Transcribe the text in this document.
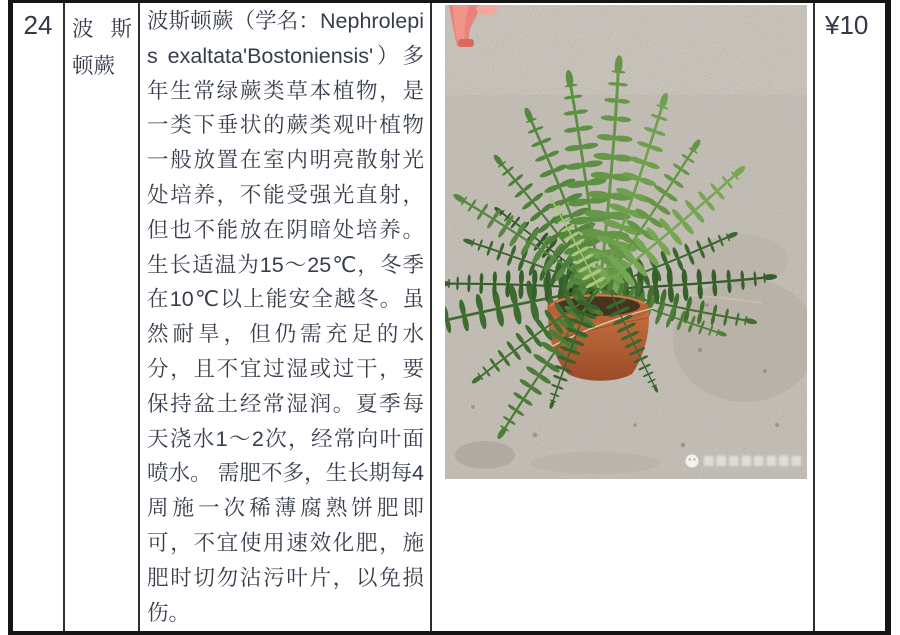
24 波 斯
顿蕨
波斯顿蕨（学名：Nephrolepis exaltata'Bostoniensis'）多年生常绿蕨类草本植物，是一类下垂状的蕨类观叶植物一般放置在室内明亮散射光处培养，不能受强光直射，但也不能放在阴暗处培养。生长适温为15～25℃，冬季在10℃以上能安全越冬。虽然耐旱，但仍需充足的水分，且不宜过湿或过干，要保持盆土经常湿润。夏季每天浇水1～2次，经常向叶面喷水。 需肥不多，生长期每4周施一次稀薄腐熟饼肥即可，不宜使用速效化肥，施肥时切勿沾污叶片，以免损伤。
¥10
